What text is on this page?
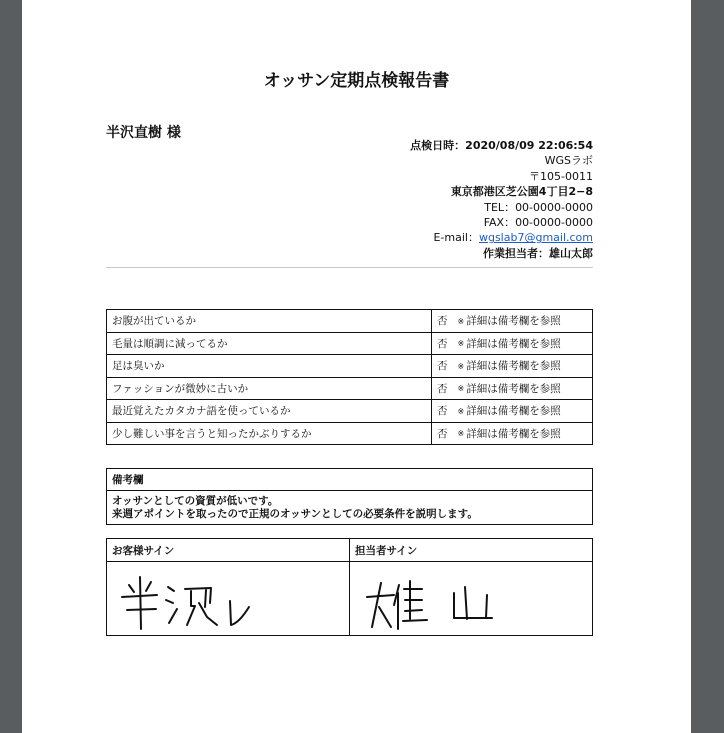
オッサン定期点検報告書
半沢直樹 様
点検日時：2020/08/09 22:06:54
WGSラボ
〒105-0011
東京都港区芝公園4丁目2−8
TEL：00-0000-0000
FAX：00-0000-0000
E-mail：wgslab7@gmail.com
作業担当者：雄山太郎
お腹が出ているか	否 ※ 詳細は備考欄を参照
毛量は順調に減ってるか	否 ※ 詳細は備考欄を参照
足は臭いか	否 ※ 詳細は備考欄を参照
ファッションが微妙に古いか	否 ※ 詳細は備考欄を参照
最近覚えたカタカナ語を使っているか	否 ※ 詳細は備考欄を参照
少し難しい事を言うと知ったかぶりするか	否 ※ 詳細は備考欄を参照
備考欄

オッサンとしての資質が低いです。
来週アポイントを取ったので正規のオッサンとしての必要条件を説明します。
お客様サイン	担当者サイン
